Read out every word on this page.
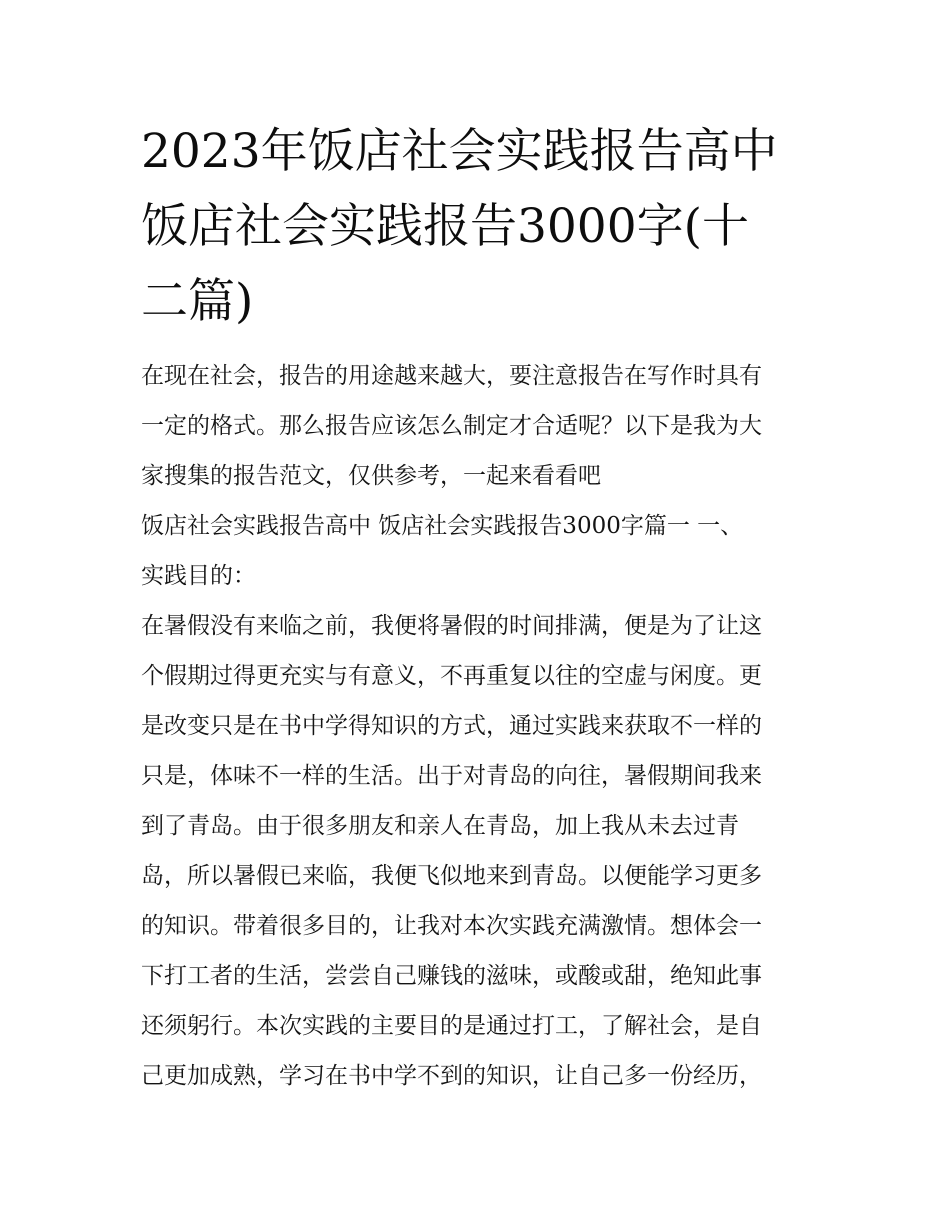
2023年饭店社会实践报告高中
饭店社会实践报告3000字(十
二篇)
在现在社会，报告的用途越来越大，要注意报告在写作时具有
一定的格式。那么报告应该怎么制定才合适呢？以下是我为大
家搜集的报告范文，仅供参考，一起来看看吧
饭店社会实践报告高中 饭店社会实践报告3000字篇一 一、
实践目的：
在暑假没有来临之前，我便将暑假的时间排满，便是为了让这
个假期过得更充实与有意义，不再重复以往的空虚与闲度。更
是改变只是在书中学得知识的方式，通过实践来获取不一样的
只是，体味不一样的生活。出于对青岛的向往，暑假期间我来
到了青岛。由于很多朋友和亲人在青岛，加上我从未去过青
岛，所以暑假已来临，我便飞似地来到青岛。以便能学习更多
的知识。带着很多目的，让我对本次实践充满激情。想体会一
下打工者的生活，尝尝自己赚钱的滋味，或酸或甜，绝知此事
还须躬行。本次实践的主要目的是通过打工，了解社会，是自
己更加成熟，学习在书中学不到的知识，让自己多一份经历，
